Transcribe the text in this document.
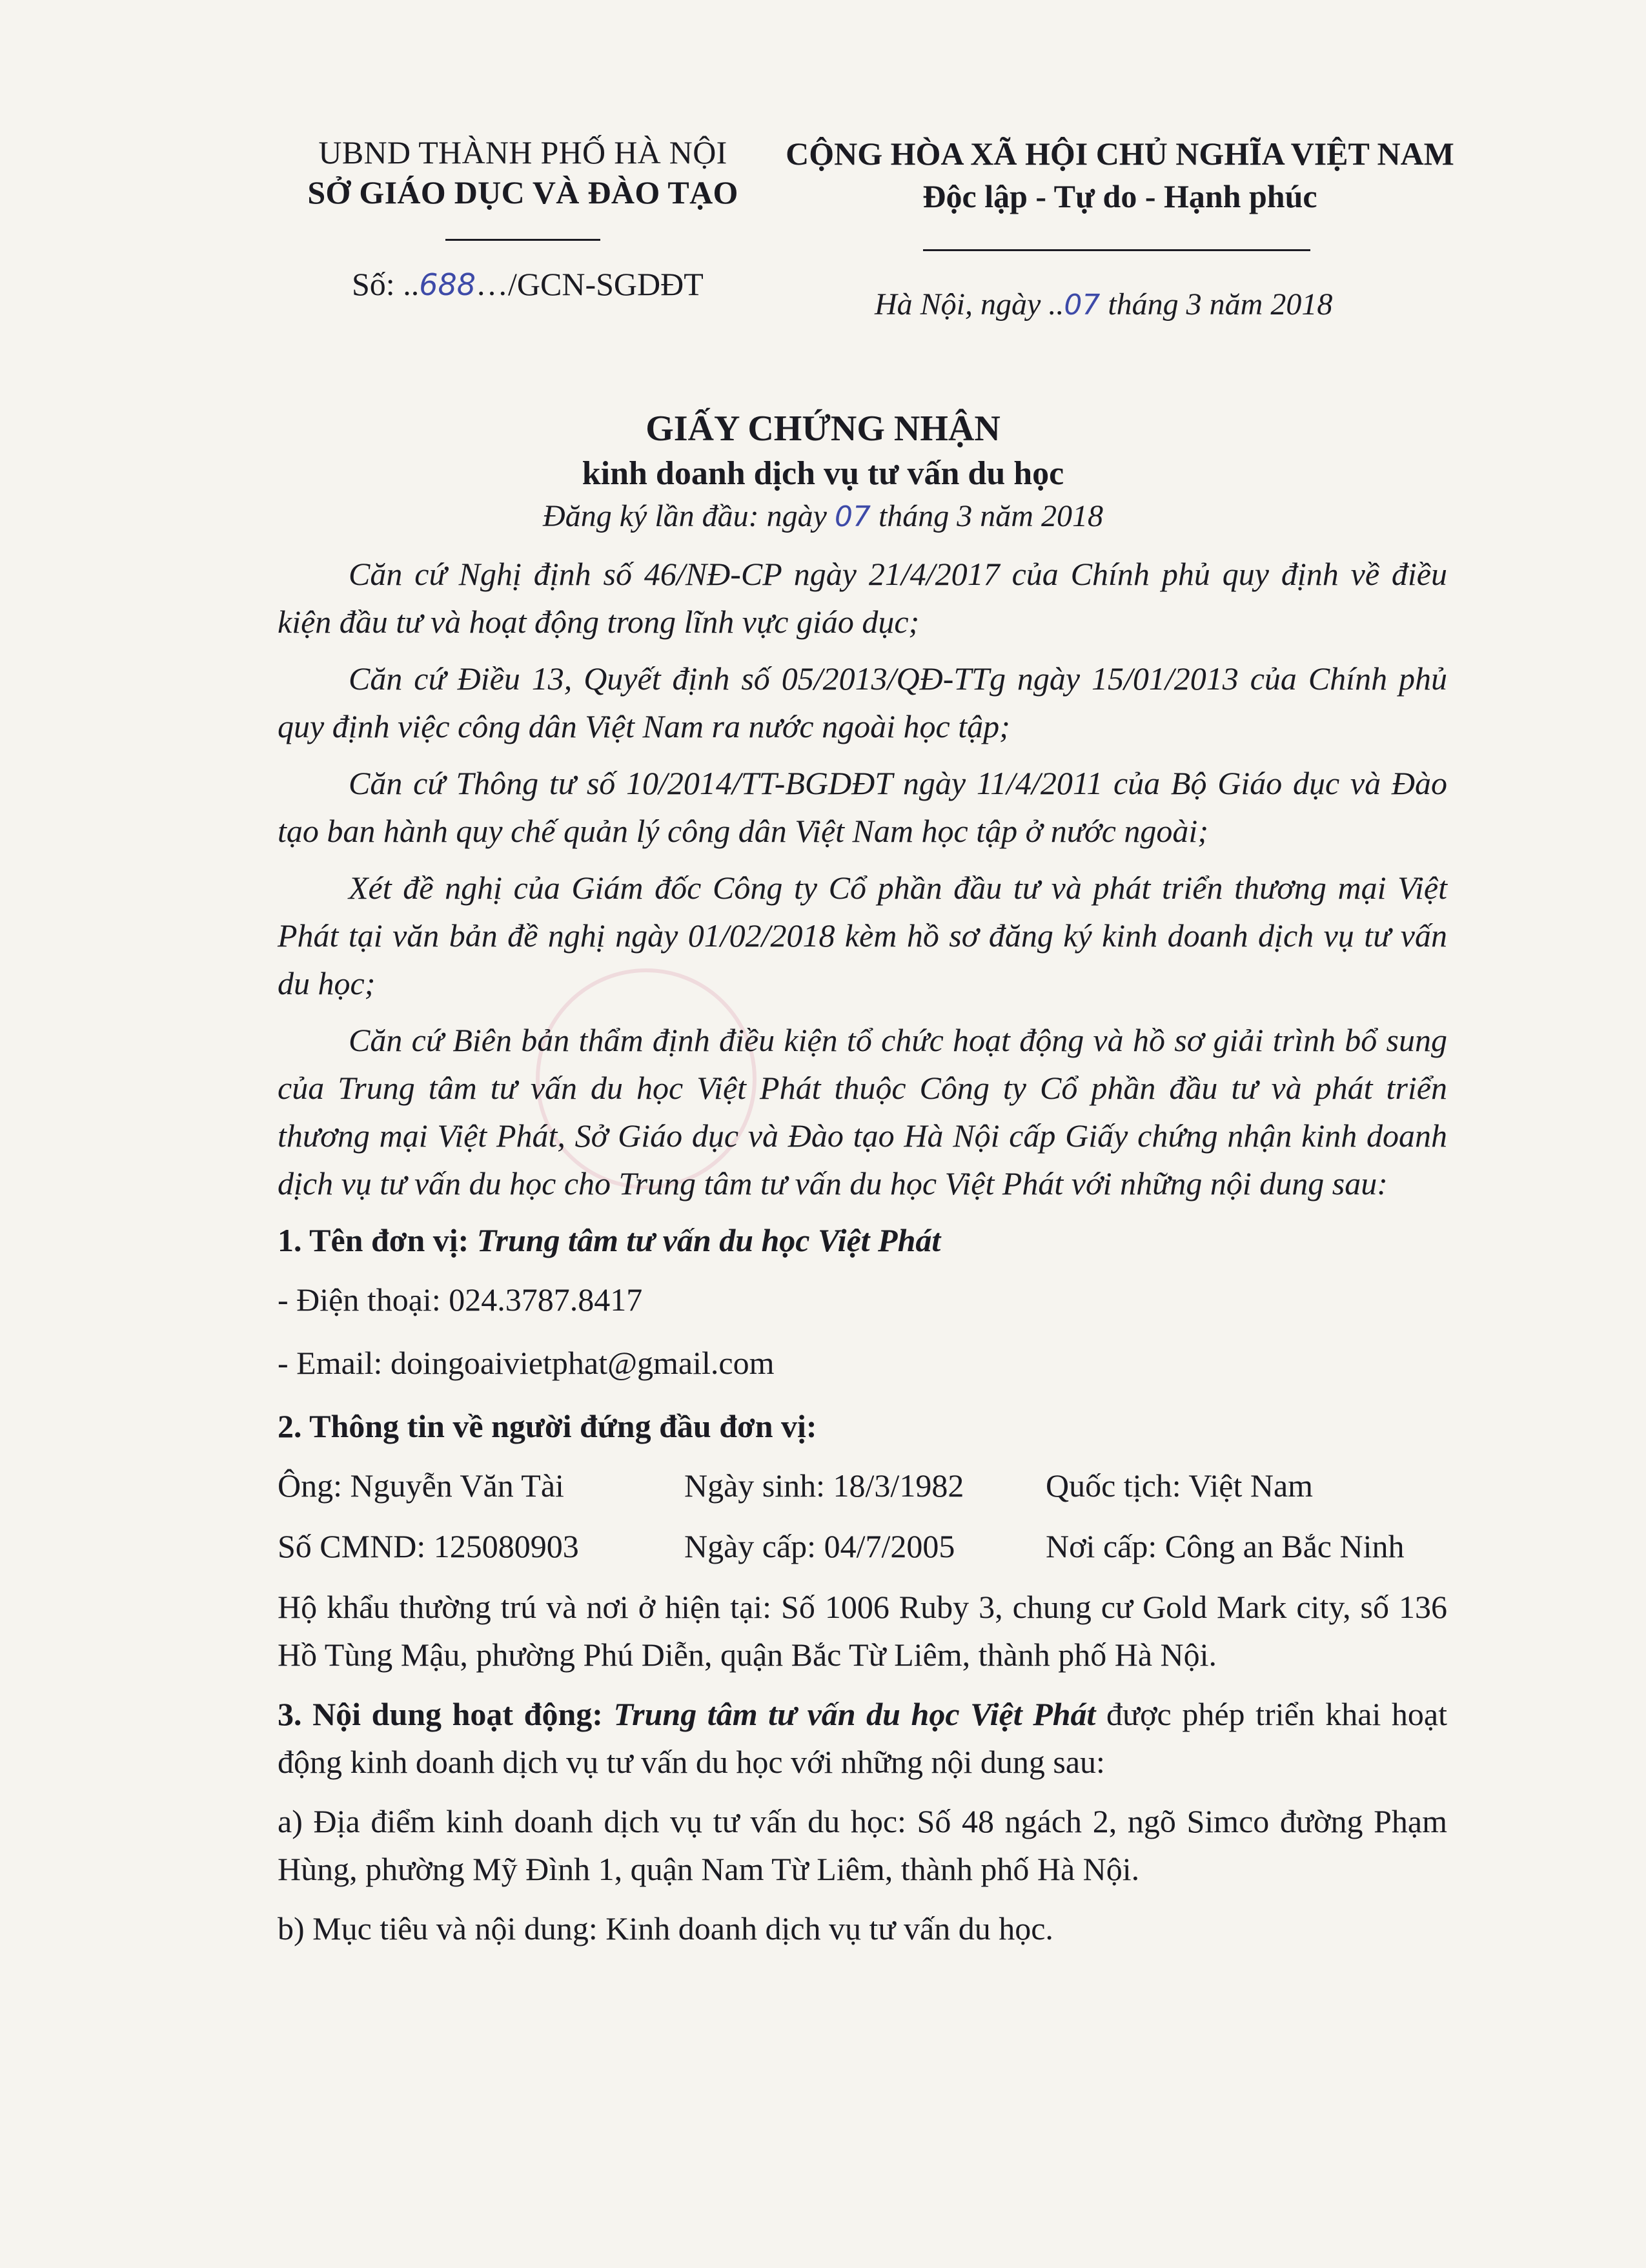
UBND THÀNH PHỐ HÀ NỘI
SỞ GIÁO DỤC VÀ ĐÀO TẠO
CỘNG HÒA XÃ HỘI CHỦ NGHĨA VIỆT NAM
Độc lập - Tự do - Hạnh phúc
Số: ..688…/GCN-SGDĐT
Hà Nội, ngày ..07 tháng 3 năm 2018
GIẤY CHỨNG NHẬN
kinh doanh dịch vụ tư vấn du học
Đăng ký lần đầu: ngày 07 tháng 3 năm 2018

Căn cứ Nghị định số 46/NĐ-CP ngày 21/4/2017 của Chính phủ quy định về điều kiện đầu tư và hoạt động trong lĩnh vực giáo dục;

Căn cứ Điều 13, Quyết định số 05/2013/QĐ-TTg ngày 15/01/2013 của Chính phủ quy định việc công dân Việt Nam ra nước ngoài học tập;

Căn cứ Thông tư số 10/2014/TT-BGDĐT ngày 11/4/2011 của Bộ Giáo dục và Đào tạo ban hành quy chế quản lý công dân Việt Nam học tập ở nước ngoài;

Xét đề nghị của Giám đốc Công ty Cổ phần đầu tư và phát triển thương mại Việt Phát tại văn bản đề nghị ngày 01/02/2018 kèm hồ sơ đăng ký kinh doanh dịch vụ tư vấn du học;

Căn cứ Biên bản thẩm định điều kiện tổ chức hoạt động và hồ sơ giải trình bổ sung của Trung tâm tư vấn du học Việt Phát thuộc Công ty Cổ phần đầu tư và phát triển thương mại Việt Phát, Sở Giáo dục và Đào tạo Hà Nội cấp Giấy chứng nhận kinh doanh dịch vụ tư vấn du học cho Trung tâm tư vấn du học Việt Phát với những nội dung sau:

1. Tên đơn vị: Trung tâm tư vấn du học Việt Phát
- Điện thoại: 024.3787.8417
- Email: doingoaivietphat@gmail.com
2. Thông tin về người đứng đầu đơn vị:
Ông: Nguyễn Văn Tài	Ngày sinh: 18/3/1982	Quốc tịch: Việt Nam
Số CMND: 125080903	Ngày cấp: 04/7/2005	Nơi cấp: Công an Bắc Ninh
Hộ khẩu thường trú và nơi ở hiện tại: Số 1006 Ruby 3, chung cư Gold Mark city, số 136 Hồ Tùng Mậu, phường Phú Diễn, quận Bắc Từ Liêm, thành phố Hà Nội.
3. Nội dung hoạt động: Trung tâm tư vấn du học Việt Phát được phép triển khai hoạt động kinh doanh dịch vụ tư vấn du học với những nội dung sau:
a) Địa điểm kinh doanh dịch vụ tư vấn du học: Số 48 ngách 2, ngõ Simco đường Phạm Hùng, phường Mỹ Đình 1, quận Nam Từ Liêm, thành phố Hà Nội.
b) Mục tiêu và nội dung: Kinh doanh dịch vụ tư vấn du học.
